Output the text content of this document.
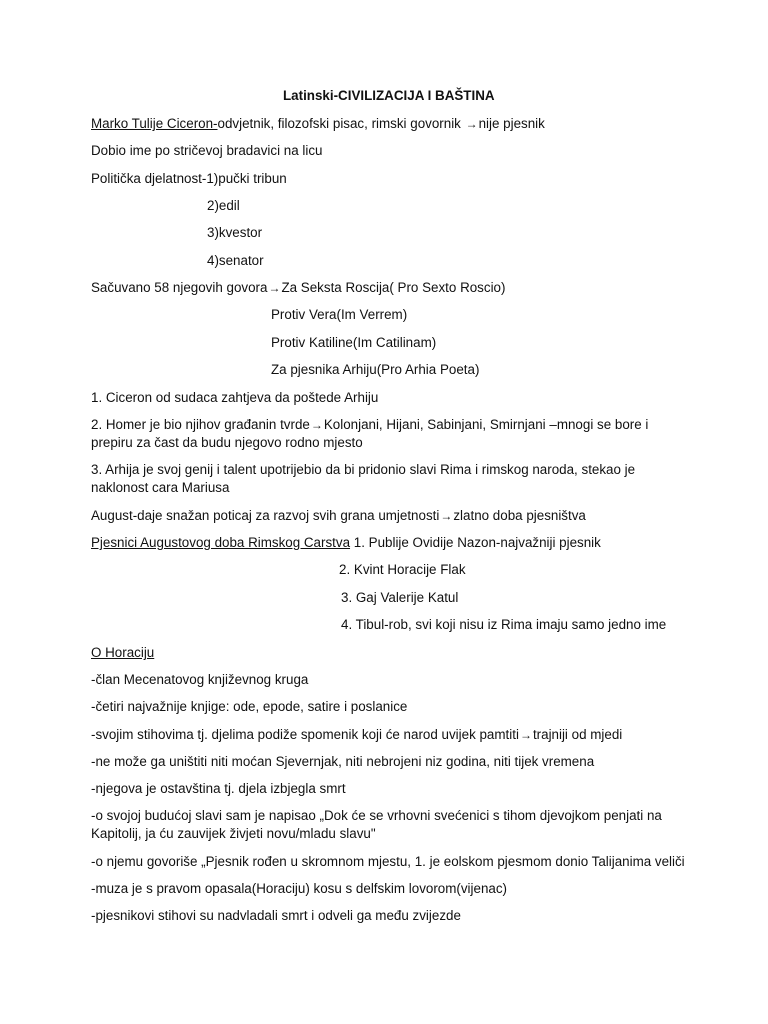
Latinski-CIVILIZACIJA I BAŠTINA
Marko Tulije Ciceron-odvjetnik, filozofski pisac, rimski govornik →nije pjesnik
Dobio ime po stričevoj bradavici na licu
Politička djelatnost-1)pučki tribun
2)edil
3)kvestor
4)senator
Sačuvano 58 njegovih govora→Za Seksta Roscija( Pro Sexto Roscio)
Protiv Vera(Im Verrem)
Protiv Katiline(Im Catilinam)
Za pjesnika Arhiju(Pro Arhia Poeta)
1. Ciceron od sudaca zahtjeva da poštede Arhiju
2. Homer je bio njihov građanin tvrde→Kolonjani, Hijani, Sabinjani, Smirnjani –mnogi se bore i
prepiru za čast da budu njegovo rodno mjesto
3. Arhija je svoj genij i talent upotrijebio da bi pridonio slavi Rima i rimskog naroda, stekao je
naklonost cara Mariusa
August-daje snažan poticaj za razvoj svih grana umjetnosti→zlatno doba pjesništva
Pjesnici Augustovog doba Rimskog Carstva 1. Publije Ovidije Nazon-najvažniji pjesnik
2. Kvint Horacije Flak
3. Gaj Valerije Katul
4. Tibul-rob, svi koji nisu iz Rima imaju samo jedno ime
O Horaciju
-član Mecenatovog književnog kruga
-četiri najvažnije knjige: ode, epode, satire i poslanice
-svojim stihovima tj. djelima podiže spomenik koji će narod uvijek pamtiti→trajniji od mjedi
-ne može ga uništiti niti moćan Sjevernjak, niti nebrojeni niz godina, niti tijek vremena
-njegova je ostavština tj. djela izbjegla smrt
-o svojoj budućoj slavi sam je napisao „Dok će se vrhovni svećenici s tihom djevojkom penjati na
Kapitolij, ja ću zauvijek živjeti novu/mladu slavu"
-o njemu govoriše „Pjesnik rođen u skromnom mjestu, 1. je eolskom pjesmom donio Talijanima veliči
-muza je s pravom opasala(Horaciju) kosu s delfskim lovorom(vijenac)
-pjesnikovi stihovi su nadvladali smrt i odveli ga među zvijezde
